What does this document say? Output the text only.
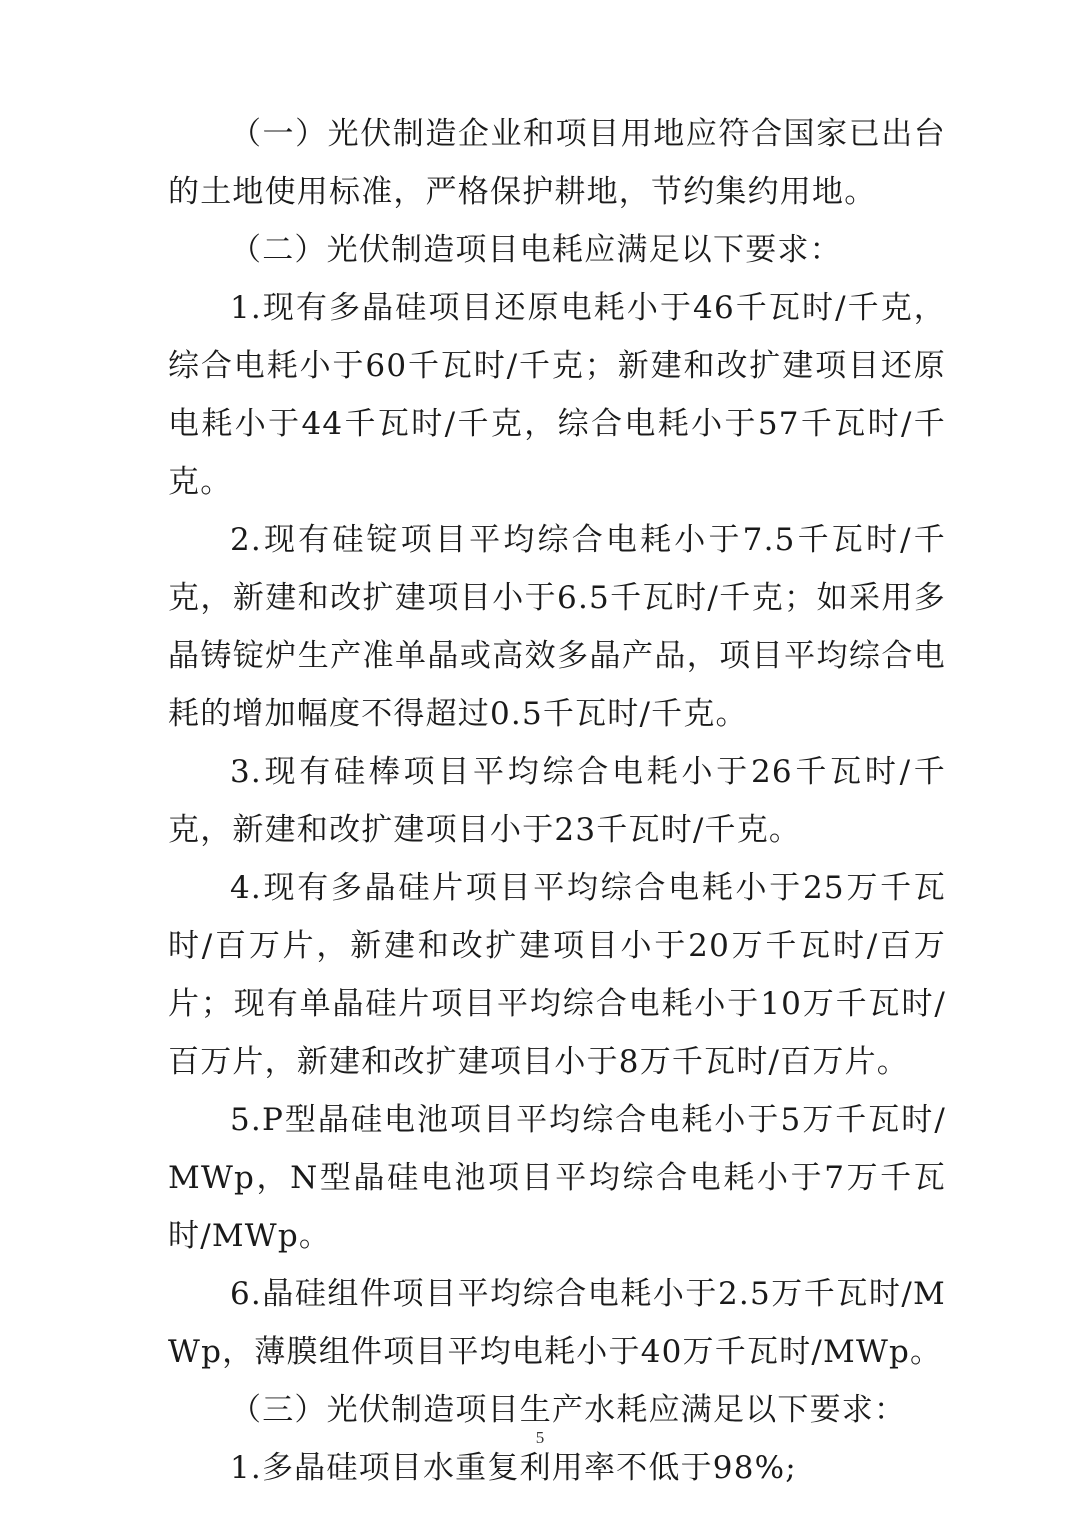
（一）光伏制造企业和项目用地应符合国家已出台的土地使用标准，严格保护耕地，节约集约用地。

（二）光伏制造项目电耗应满足以下要求：

1.现有多晶硅项目还原电耗小于46千瓦时/千克，综合电耗小于60千瓦时/千克；新建和改扩建项目还原电耗小于44千瓦时/千克，综合电耗小于57千瓦时/千克。

2.现有硅锭项目平均综合电耗小于7.5千瓦时/千克，新建和改扩建项目小于6.5千瓦时/千克；如采用多晶铸锭炉生产准单晶或高效多晶产品，项目平均综合电耗的增加幅度不得超过0.5千瓦时/千克。

3.现有硅棒项目平均综合电耗小于26千瓦时/千克，新建和改扩建项目小于23千瓦时/千克。

4.现有多晶硅片项目平均综合电耗小于25万千瓦时/百万片，新建和改扩建项目小于20万千瓦时/百万片；现有单晶硅片项目平均综合电耗小于10万千瓦时/百万片，新建和改扩建项目小于8万千瓦时/百万片。

5.P型晶硅电池项目平均综合电耗小于5万千瓦时/MWp，N型晶硅电池项目平均综合电耗小于7万千瓦时/MWp。

6.晶硅组件项目平均综合电耗小于2.5万千瓦时/MWp，薄膜组件项目平均电耗小于40万千瓦时/MWp。

（三）光伏制造项目生产水耗应满足以下要求：

1.多晶硅项目水重复利用率不低于98%;

5
